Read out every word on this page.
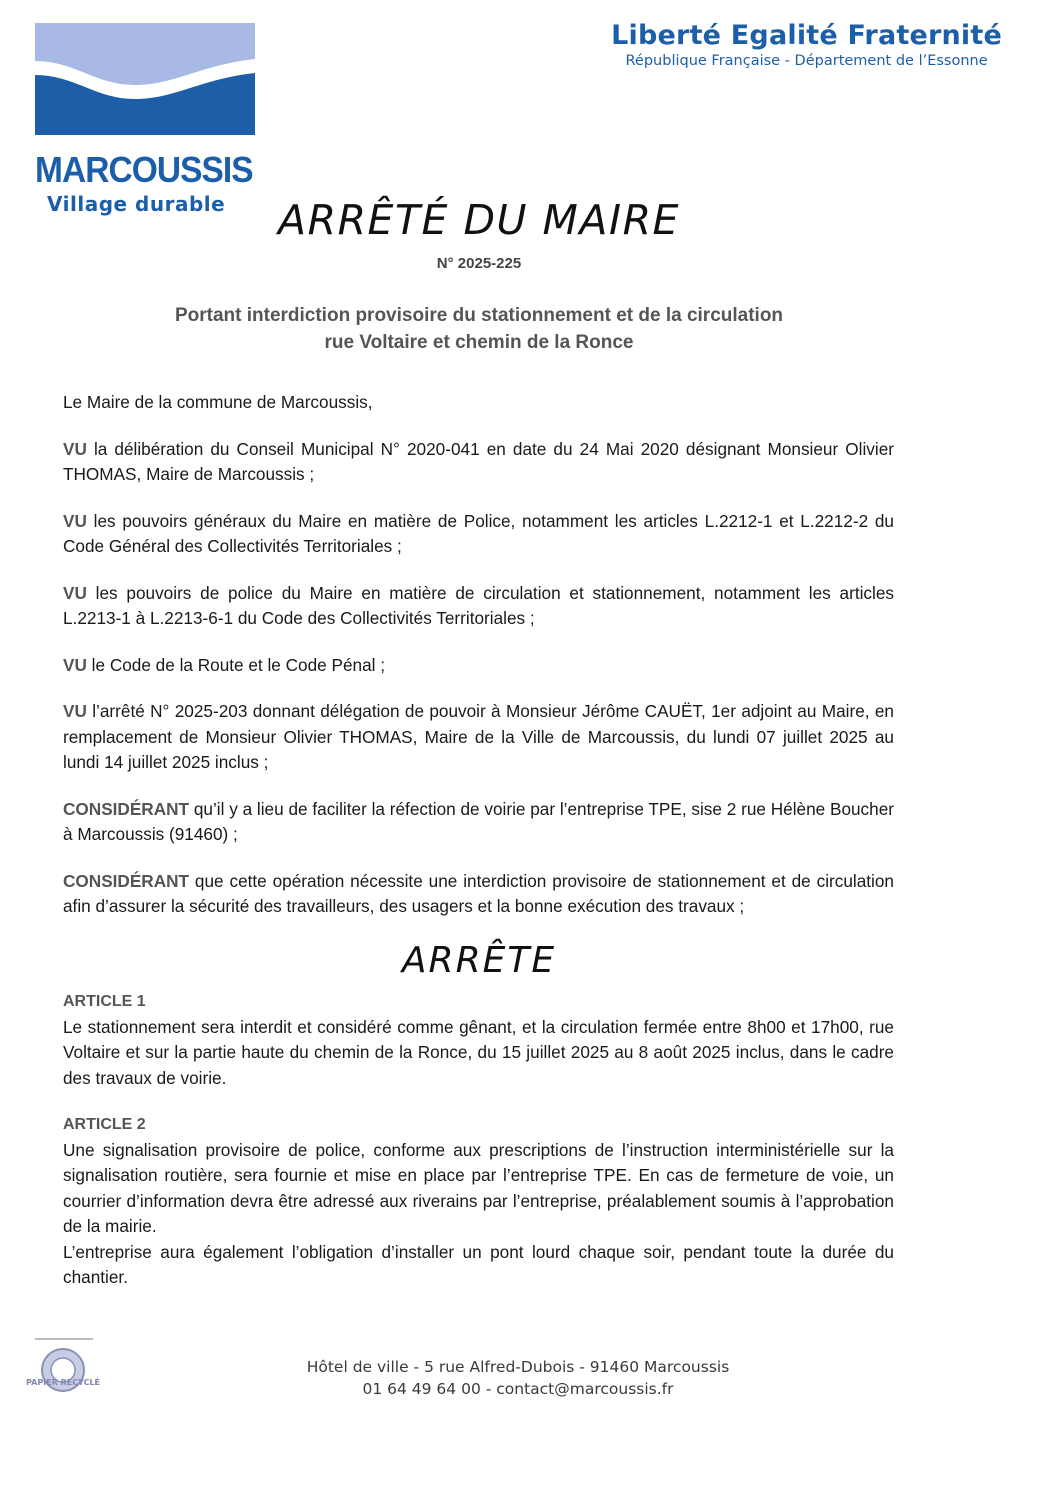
MARCOUSSIS
Village durable
Liberté Egalité Fraternité
République Française - Département de l’Essonne
ARRÊTÉ DU MAIRE
N° 2025-225
Portant interdiction provisoire du stationnement et de la circulation
rue Voltaire et chemin de la Ronce

Le Maire de la commune de Marcoussis,

VU la délibération du Conseil Municipal N° 2020-041 en date du 24 Mai 2020 désignant Monsieur Olivier THOMAS, Maire de Marcoussis ;

VU les pouvoirs généraux du Maire en matière de Police, notamment les articles L.2212-1 et L.2212-2 du Code Général des Collectivités Territoriales ;

VU les pouvoirs de police du Maire en matière de circulation et stationnement, notamment les articles L.2213-1 à L.2213-6-1 du Code des Collectivités Territoriales ;

VU le Code de la Route et le Code Pénal ;

VU l’arrêté N° 2025-203 donnant délégation de pouvoir à Monsieur Jérôme CAUËT, 1er adjoint au Maire, en remplacement de Monsieur Olivier THOMAS, Maire de la Ville de Marcoussis, du lundi 07 juillet 2025 au lundi 14 juillet 2025 inclus ;

CONSIDÉRANT qu’il y a lieu de faciliter la réfection de voirie par l’entreprise TPE, sise 2 rue Hélène Boucher à Marcoussis (91460) ;

CONSIDÉRANT que cette opération nécessite une interdiction provisoire de stationnement et de circulation afin d’assurer la sécurité des travailleurs, des usagers et la bonne exécution des travaux ;

ARRÊTE
ARTICLE 1
Le stationnement sera interdit et considéré comme gênant, et la circulation fermée entre 8h00 et 17h00, rue Voltaire et sur la partie haute du chemin de la Ronce, du 15 juillet 2025 au 8 août 2025 inclus, dans le cadre des travaux de voirie.
ARTICLE 2
Une signalisation provisoire de police, conforme aux prescriptions de l’instruction interministérielle sur la signalisation routière, sera fournie et mise en place par l’entreprise TPE. En cas de fermeture de voie, un courrier d’information devra être adressé aux riverains par l’entreprise, préalablement soumis à l’approbation de la mairie.
L’entreprise aura également l’obligation d’installer un pont lourd chaque soir, pendant toute la durée du chantier.
PAPIER RECYCLÉ
Hôtel de ville - 5 rue Alfred-Dubois - 91460 Marcoussis
01 64 49 64 00 - contact@marcoussis.fr
